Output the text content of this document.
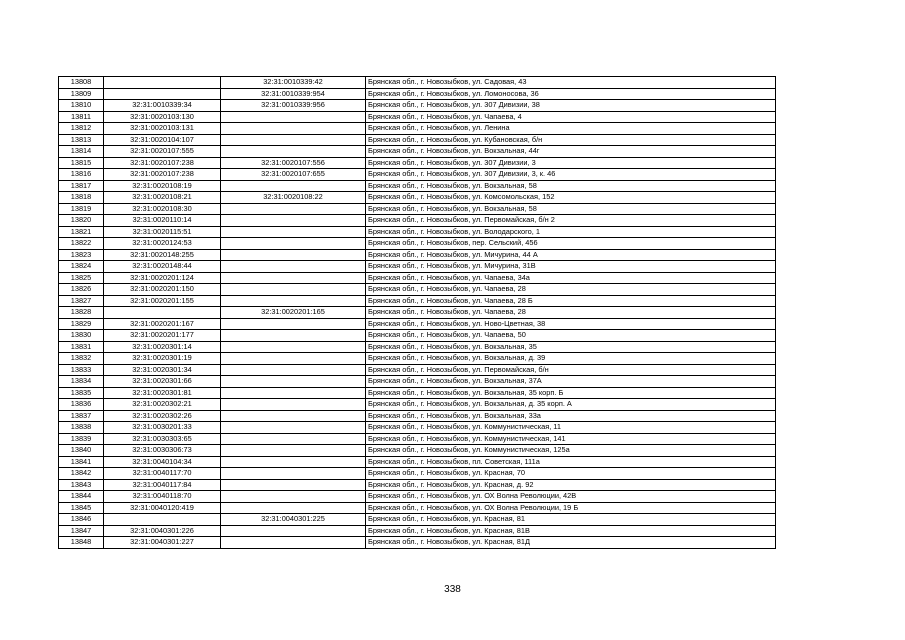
13808		32:31:0010339:42	Брянская обл., г. Новозыбков, ул. Садовая, 43
13809		32:31:0010339:954	Брянская обл., г. Новозыбков, ул. Ломоносова, 36
13810	32:31:0010339:34	32:31:0010339:956	Брянская обл., г. Новозыбков, ул. 307 Дивизии, 38
13811	32:31:0020103:130		Брянская обл., г. Новозыбков, ул. Чапаева, 4
13812	32:31:0020103:131		Брянская обл., г. Новозыбков, ул. Ленина
13813	32:31:0020104:107		Брянская обл., г. Новозыбков, ул. Кубановская, б/н
13814	32:31:0020107:555		Брянская обл., г. Новозыбков, ул. Вокзальная, 44г
13815	32:31:0020107:238	32:31:0020107:556	Брянская обл., г. Новозыбков, ул. 307 Дивизии, 3
13816	32:31:0020107:238	32:31:0020107:655	Брянская обл., г. Новозыбков, ул. 307 Дивизии, 3, к. 46
13817	32:31:0020108:19		Брянская обл., г. Новозыбков, ул. Вокзальная, 58
13818	32:31:0020108:21	32:31:0020108:22	Брянская обл., г. Новозыбков, ул. Комсомольская, 152
13819	32:31:0020108:30		Брянская обл., г. Новозыбков, ул. Вокзальная, 58
13820	32:31:0020110:14		Брянская обл., г. Новозыбков, ул. Первомайская, б/н 2
13821	32:31:0020115:51		Брянская обл., г. Новозыбков, ул. Володарского, 1
13822	32:31:0020124:53		Брянская обл., г. Новозыбков, пер. Сельский, 456
13823	32:31:0020148:255		Брянская обл., г. Новозыбков, ул. Мичурина, 44 А
13824	32:31:0020148:44		Брянская обл., г. Новозыбков, ул. Мичурина, 31В
13825	32:31:0020201:124		Брянская обл., г. Новозыбков, ул. Чапаева, 34а
13826	32:31:0020201:150		Брянская обл., г. Новозыбков, ул. Чапаева, 28
13827	32:31:0020201:155		Брянская обл., г. Новозыбков, ул. Чапаева, 28 Б
13828		32:31:0020201:165	Брянская обл., г. Новозыбков, ул. Чапаева, 28
13829	32:31:0020201:167		Брянская обл., г. Новозыбков, ул. Ново-Цветная, 38
13830	32:31:0020201:177		Брянская обл., г. Новозыбков, ул. Чапаева, 50
13831	32:31:0020301:14		Брянская обл., г. Новозыбков, ул. Вокзальная, 35
13832	32:31:0020301:19		Брянская обл., г. Новозыбков, ул. Вокзальная, д. 39
13833	32:31:0020301:34		Брянская обл., г. Новозыбков, ул. Первомайская, б/н
13834	32:31:0020301:66		Брянская обл., г. Новозыбков, ул. Вокзальная, 37А
13835	32:31:0020301:81		Брянская обл., г. Новозыбков, ул. Вокзальная, 35 корп. Б
13836	32:31:0020302:21		Брянская обл., г. Новозыбков, ул. Вокзальная, д. 35 корп. А
13837	32:31:0020302:26		Брянская обл., г. Новозыбков, ул. Вокзальная, 33а
13838	32:31:0030201:33		Брянская обл., г. Новозыбков, ул. Коммунистическая, 11
13839	32:31:0030303:65		Брянская обл., г. Новозыбков, ул. Коммунистическая, 141
13840	32:31:0030306:73		Брянская обл., г. Новозыбков, ул. Коммунистическая, 125а
13841	32:31:0040104:34		Брянская обл., г. Новозыбков, пл. Советская, 111а
13842	32:31:0040117:70		Брянская обл., г. Новозыбков, ул. Красная, 70
13843	32:31:0040117:84		Брянская обл., г. Новозыбков, ул. Красная, д. 92
13844	32:31:0040118:70		Брянская обл., г. Новозыбков, ул. ОХ Волна Революции, 42В
13845	32:31:0040120:419		Брянская обл., г. Новозыбков, ул. ОХ Волна Революции, 19 Б
13846		32:31:0040301:225	Брянская обл., г. Новозыбков, ул. Красная, 81
13847	32:31:0040301:226		Брянская обл., г. Новозыбков, ул. Красная, 81В
13848	32:31:0040301:227		Брянская обл., г. Новозыбков, ул. Красная, 81Д
338
